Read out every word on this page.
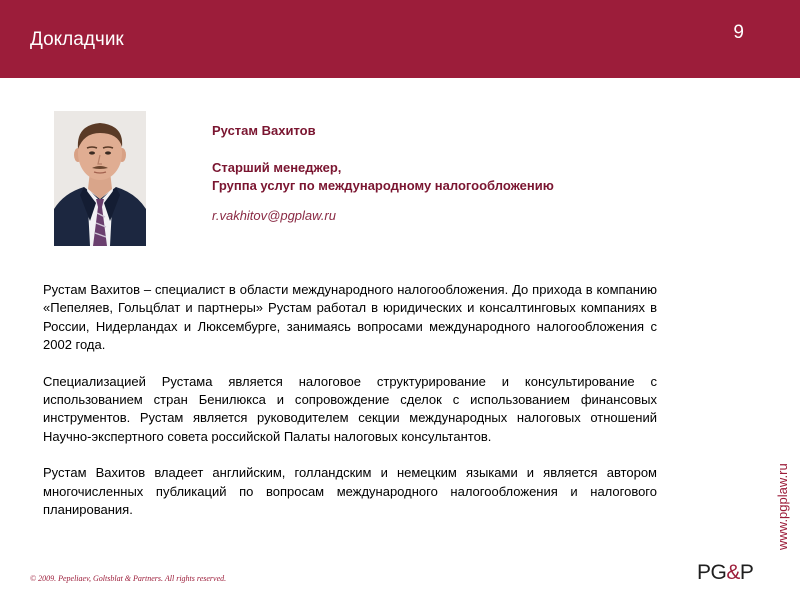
Докладчик	9
Рустам Вахитов
Старший менеджер,
Группа услуг по международному налогообложению
r.vakhitov@pgplaw.ru

Рустам Вахитов – специалист в области международного налогообложения. До прихода в компанию «Пепеляев, Гольцблат и партнеры» Рустам работал в юридических и консалтинговых компаниях в России, Нидерландах и Люксембурге, занимаясь вопросами международного налогообложения с 2002 года.

Специализацией Рустама является налоговое структурирование и консультирование с использованием стран Бенилюкса и сопровождение сделок с использованием финансовых инструментов. Рустам является руководителем секции международных налоговых отношений Научно-экспертного совета российской Палаты налоговых консультантов.

Рустам Вахитов владеет английским, голландским и немецким языками и является автором многочисленных публикаций по вопросам международного налогообложения и налогового планирования.	www.pgplaw.ru
© 2009. Pepeliaev, Goltsblat & Partners. All rights reserved.	PG&P
